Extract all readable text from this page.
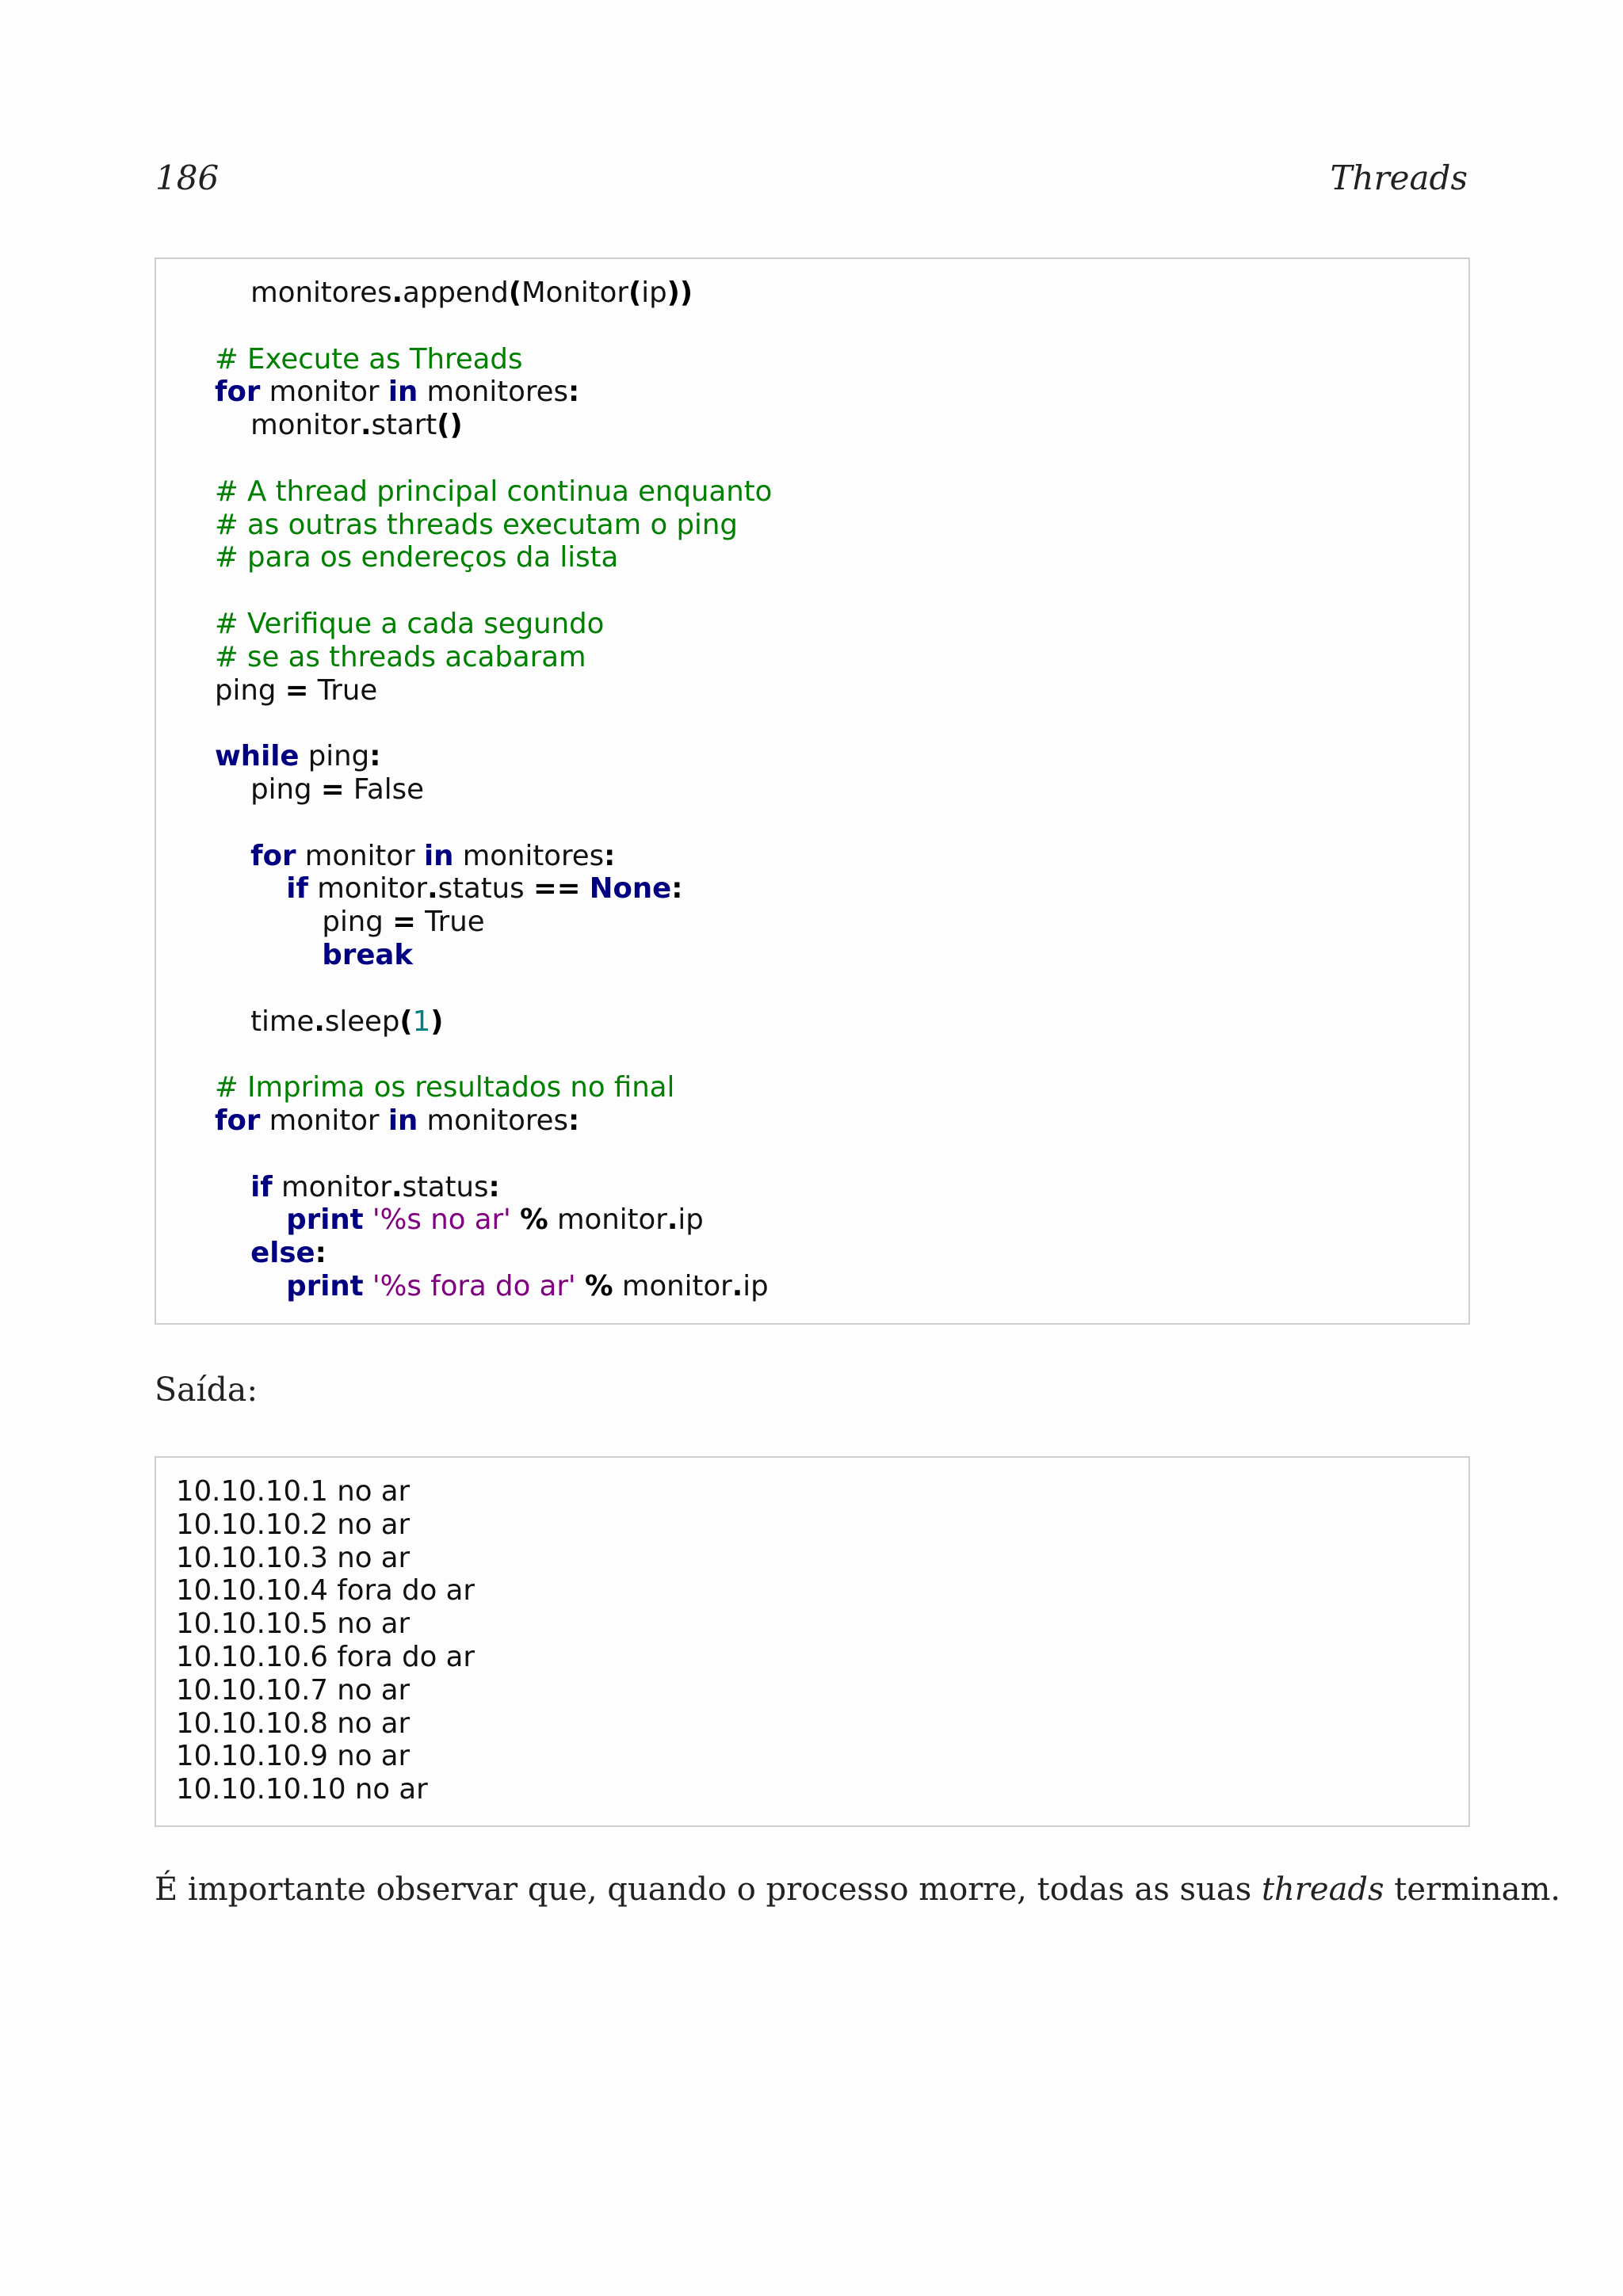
186	Threads
monitores.append(Monitor(ip))
# Execute as Threads
for monitor in monitores:
monitor.start()
# A thread principal continua enquanto
# as outras threads executam o ping
# para os endereços da lista
# Verifique a cada segundo
# se as threads acabaram
ping = True
while ping:
ping = False
for monitor in monitores:
if monitor.status == None:
ping = True
break
time.sleep(1)
# Imprima os resultados no final
for monitor in monitores:
if monitor.status:
print '%s no ar' % monitor.ip
else:
print '%s fora do ar' % monitor.ip
Saída:
10.10.10.1 no ar
10.10.10.2 no ar
10.10.10.3 no ar
10.10.10.4 fora do ar
10.10.10.5 no ar
10.10.10.6 fora do ar
10.10.10.7 no ar
10.10.10.8 no ar
10.10.10.9 no ar
10.10.10.10 no ar
É importante observar que, quando o processo morre, todas as suas threads terminam.
